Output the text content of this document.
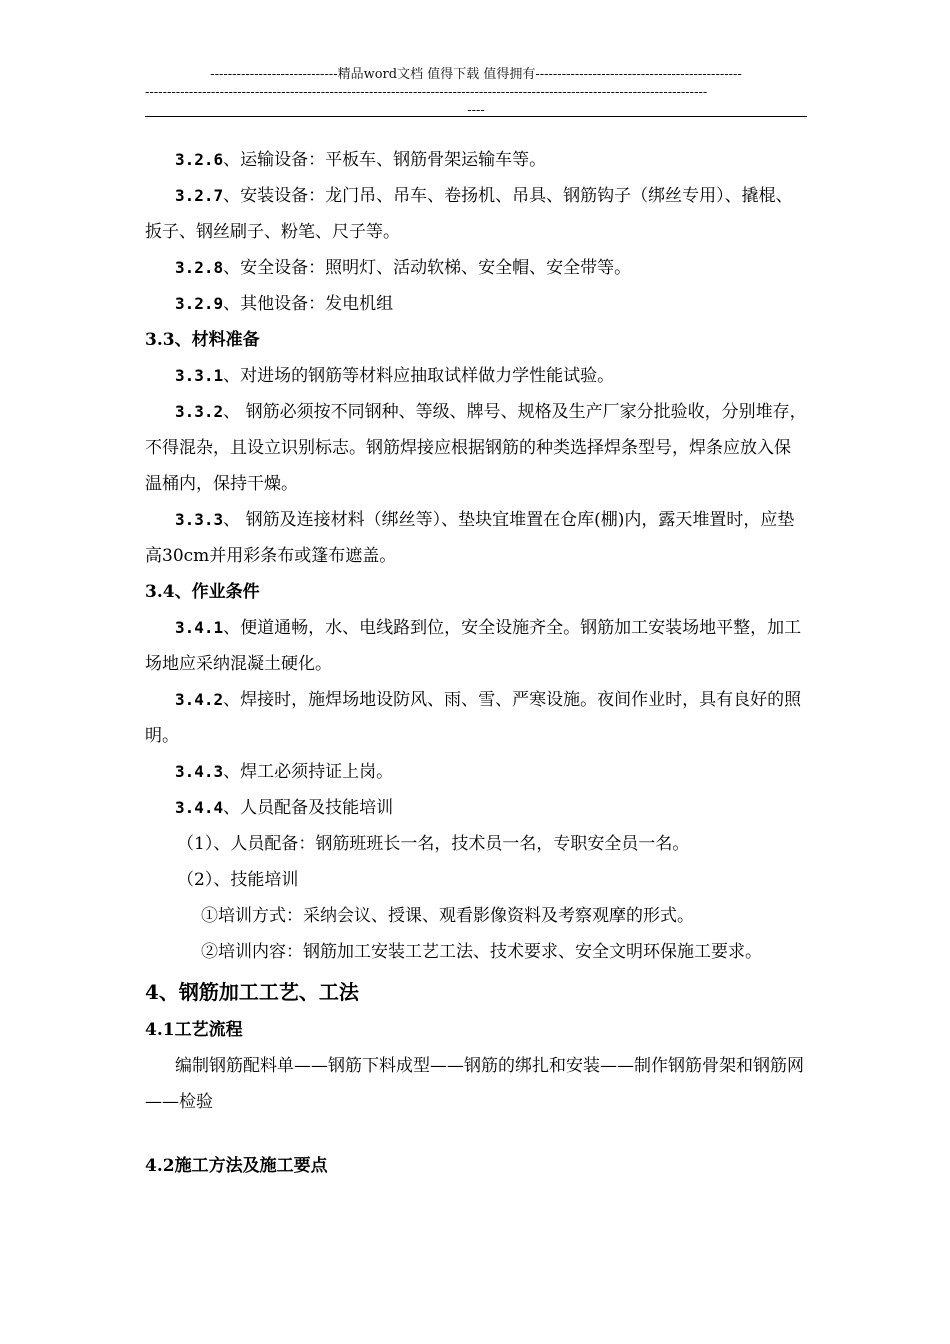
-----------------------------精品word文档 值得下载 值得拥有-----------------------------------------------
--------------------------------------------------------------------------------------------------------------------------------
----

3.2.6、运输设备：平板车、钢筋骨架运输车等。

3.2.7、安装设备：龙门吊、吊车、卷扬机、吊具、钢筋钩子（绑丝专用）、撬棍、扳子、钢丝刷子、粉笔、尺子等。

3.2.8、安全设备：照明灯、活动软梯、安全帽、安全带等。

3.2.9、其他设备：发电机组

3.3、材料准备

3.3.1、对进场的钢筋等材料应抽取试样做力学性能试验。

3.3.2、 钢筋必须按不同钢种、等级、牌号、规格及生产厂家分批验收，分别堆存，不得混杂，且设立识别标志。钢筋焊接应根据钢筋的种类选择焊条型号，焊条应放入保温桶内，保持干燥。

3.3.3、 钢筋及连接材料（绑丝等）、垫块宜堆置在仓库(棚)内，露天堆置时，应垫高30cm并用彩条布或篷布遮盖。

3.4、作业条件

3.4.1、便道通畅，水、电线路到位，安全设施齐全。钢筋加工安装场地平整，加工场地应采纳混凝土硬化。

3.4.2、焊接时，施焊场地设防风、雨、雪、严寒设施。夜间作业时，具有良好的照明。

3.4.3、焊工必须持证上岗。

3.4.4、人员配备及技能培训

（1）、人员配备：钢筋班班长一名，技术员一名，专职安全员一名。

（2）、技能培训

①培训方式：采纳会议、授课、观看影像资料及考察观摩的形式。

②培训内容：钢筋加工安装工艺工法、技术要求、安全文明环保施工要求。

4、钢筋加工工艺、工法

4.1工艺流程

编制钢筋配料单——钢筋下料成型——钢筋的绑扎和安装——制作钢筋骨架和钢筋网——检验

4.2施工方法及施工要点
